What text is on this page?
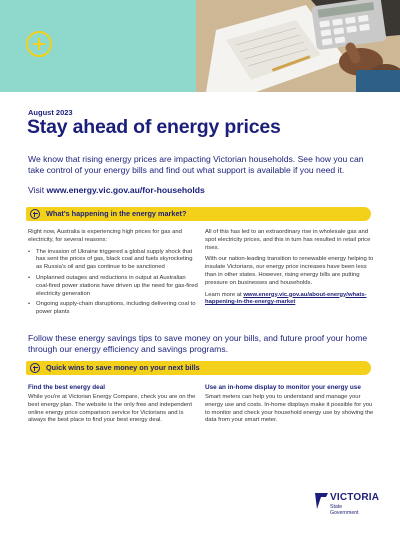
August 2023
Stay ahead of energy prices
We know that rising energy prices are impacting Victorian households. See how you can take control of your energy bills and find out what support is available if you need it.
Visit www.energy.vic.gov.au/for-households
What's happening in the energy market?

Right now, Australia is experiencing high prices for gas and electricity, for several reasons:

• The invasion of Ukraine triggered a global supply shock that has sent the prices of gas, black coal and fuels skyrocketing as Russia's oil and gas continue to be sanctioned
• Unplanned outages and reductions in output at Australian coal-fired power stations have driven up the need for gas-fired electricity generation
• Ongoing supply-chain disruptions, including delivering coal to power plants

All of this has led to an extraordinary rise in wholesale gas and spot electricity prices, and this in turn has resulted in retail price rises.

With our nation-leading transition to renewable energy helping to insulate Victorians, our energy price increases have been less than in other states. However, rising energy bills are putting pressure on businesses and households.

Learn more at www.energy.vic.gov.au/about-energy/whats-happening-in-the-energy-market

Follow these energy savings tips to save money on your bills, and future proof your home through our energy efficiency and savings programs.
Quick wins to save money on your next bills
Find the best energy deal	Use an in-home display to monitor your energy use
While you're at Victorian Energy Compare, check you are on the best energy plan. The website is the only free and independent online energy price comparison service for Victorians and is always the best place to find your best energy deal.
Smart meters can help you to understand and manage your energy use and costs. In-home displays make it possible for you to monitor and check your household energy use by showing the data from your smart meter.
VICTORIA
State
Government
